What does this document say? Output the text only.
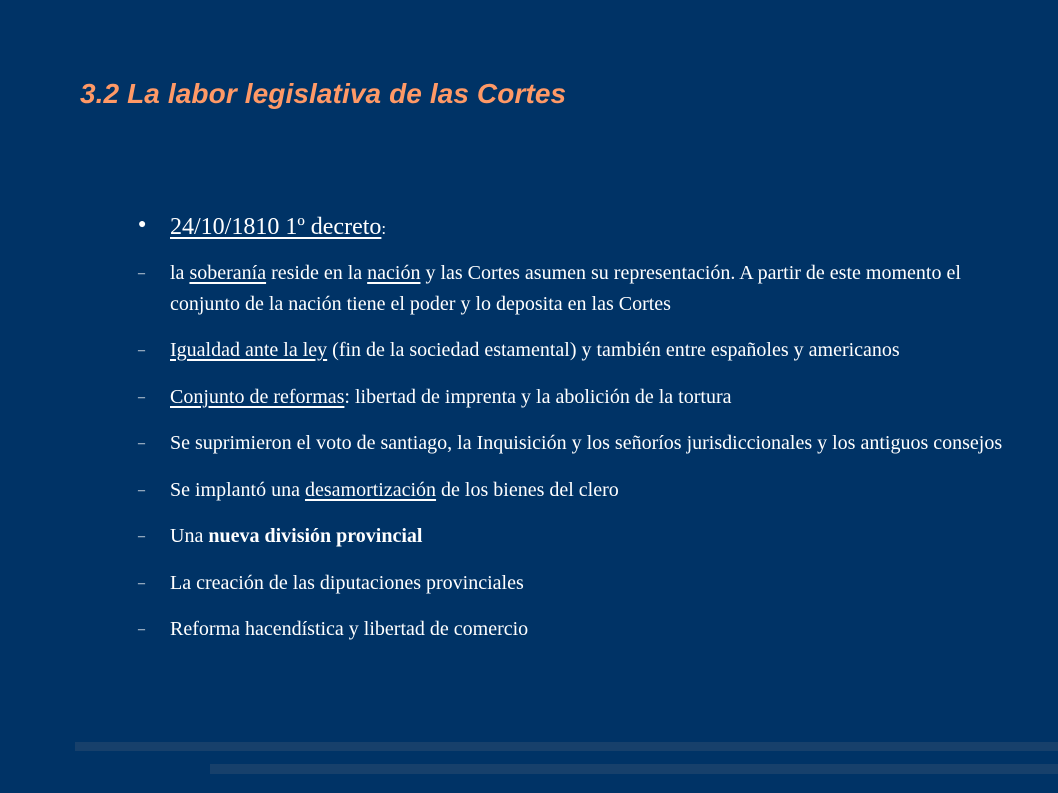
3.2 La labor legislativa de las Cortes
● 24/10/1810 1º decreto:
–	la soberanía reside en la nación y las Cortes asumen su representación. A partir de este momento el conjunto de la nación tiene el poder y lo deposita en las Cortes
–	Igualdad ante la ley (fin de la sociedad estamental) y también entre españoles y americanos
–	Conjunto de reformas: libertad de imprenta y la abolición de la tortura
–	Se suprimieron el voto de santiago, la Inquisición y los señoríos jurisdiccionales y los antiguos consejos
–	Se implantó una desamortización de los bienes del clero
–	Una nueva división provincial
–	La creación de las diputaciones provinciales
–	Reforma hacendística y libertad de comercio
